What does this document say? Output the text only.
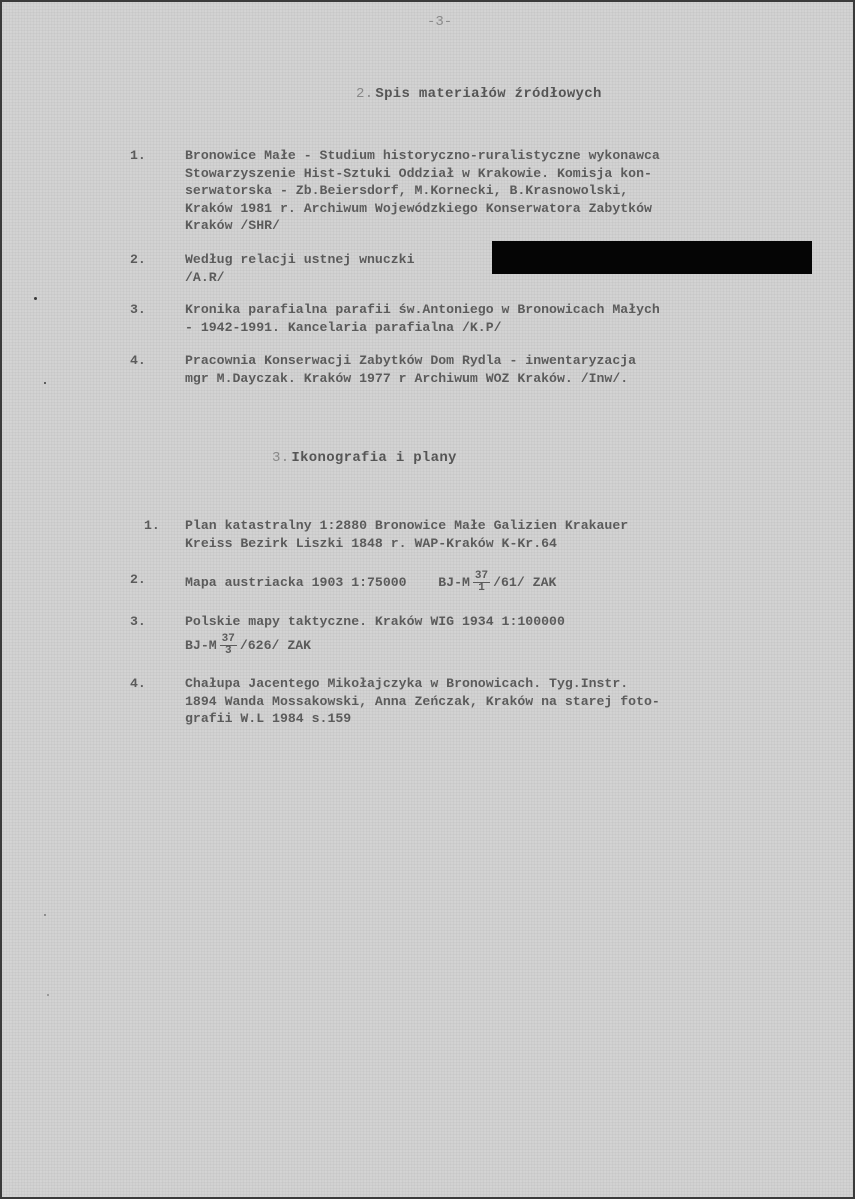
-3-
2. Spis materiałów źródłowych
1.	Bronowice Małe - Studium historyczno-ruralistyczne wykonawca
Stowarzyszenie Hist-Sztuki Oddział w Krakowie. Komisja kon-
serwatorska - Zb.Beiersdorf, M.Kornecki, B.Krasnowolski,
Kraków 1981 r. Archiwum Wojewódzkiego Konserwatora Zabytków
Kraków /SHR/
2.	Według relacji ustnej wnuczki
/A.R/
3.	Kronika parafialna parafii św.Antoniego w Bronowicach Małych
- 1942-1991. Kancelaria parafialna /K.P/
4.	Pracownia Konserwacji Zabytków Dom Rydla - inwentaryzacja
mgr M.Dayczak. Kraków 1977 r Archiwum WOZ Kraków. /Inw/.
3. Ikonografia i plany
1. Plan katastralny 1:2880 Bronowice Małe Galizien Krakauer
Kreiss Bezirk Liszki 1848 r. WAP-Kraków K-Kr.64
2.	Mapa austriacka 1903 1:75000    $BJ-M \frac{37}{1} /61/$ ZAK
3.	Polskie mapy taktyczne. Kraków WIG 1934 1:100000
$BJ-M \frac{37}{3} /626/$ ZAK
4.	Chałupa Jacentego Mikołajczyka w Bronowicach. Tyg.Instr.
1894 Wanda Mossakowski, Anna Zeńczak, Kraków na starej foto-
grafii W.L 1984 s.159
